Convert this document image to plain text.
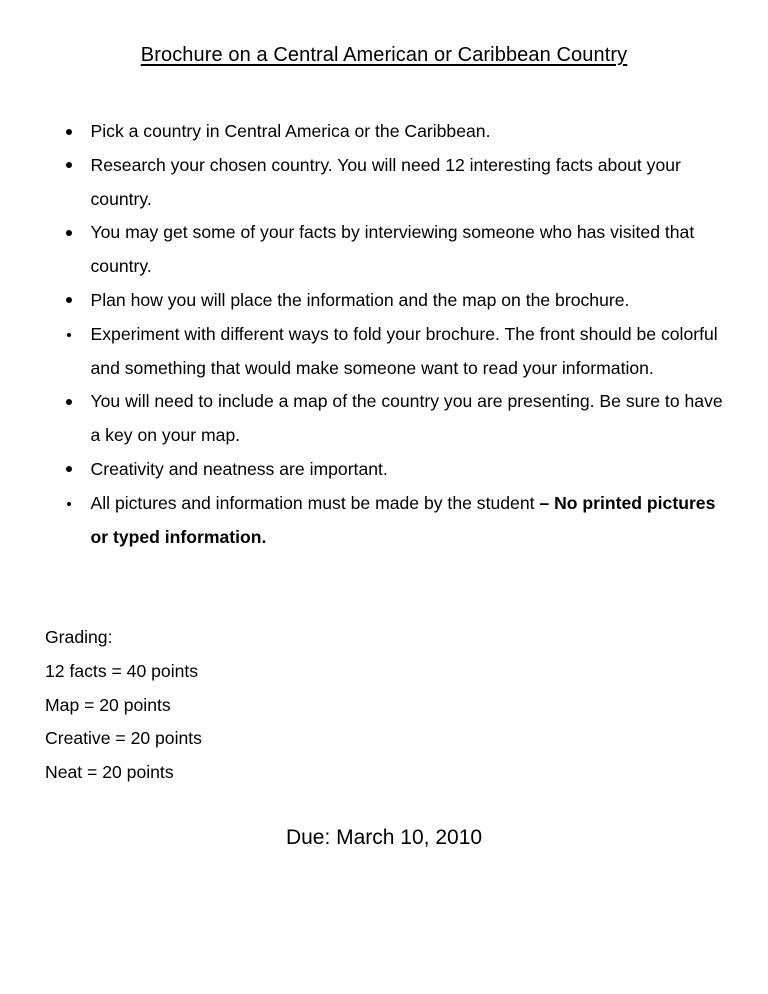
Brochure on a Central American or Caribbean Country
Pick a country in Central America or the Caribbean.
Research your chosen country. You will need 12 interesting facts about your country.
You may get some of your facts by interviewing someone who has visited that country.
Plan how you will place the information and the map on the brochure.
Experiment with different ways to fold your brochure. The front should be colorful and something that would make someone want to read your information.
You will need to include a map of the country you are presenting. Be sure to have a key on your map.
Creativity and neatness are important.
All pictures and information must be made by the student – No printed pictures or typed information.
Grading:
12 facts = 40 points
Map = 20 points
Creative = 20 points
Neat = 20 points
Due: March 10, 2010
